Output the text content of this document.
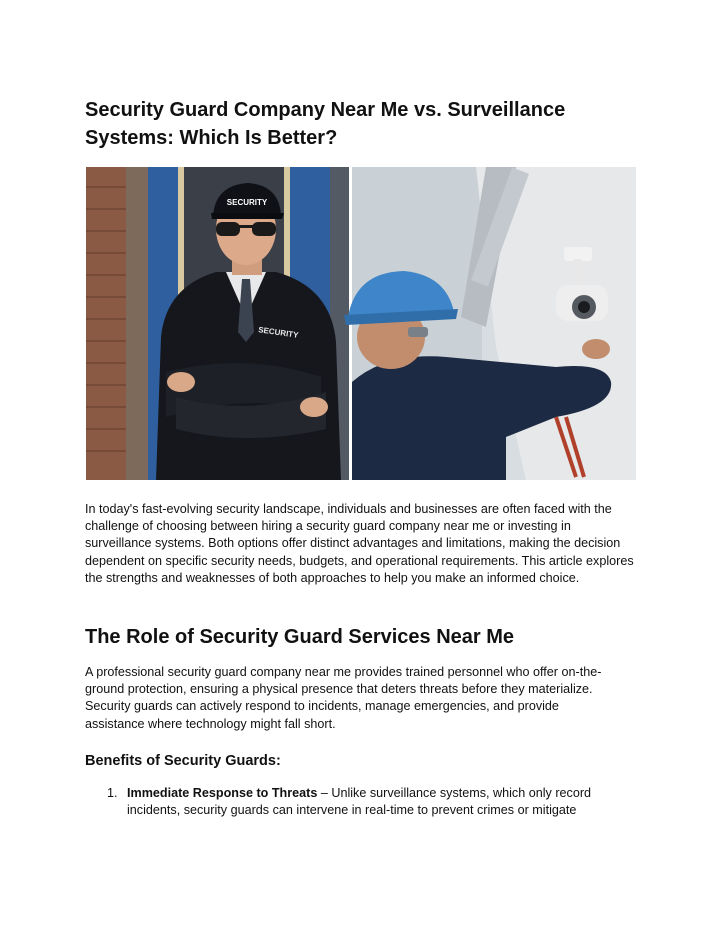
Security Guard Company Near Me vs. Surveillance Systems: Which Is Better?
SECURITY
SECURITY

In today's fast-evolving security landscape, individuals and businesses are often faced with the challenge of choosing between hiring a security guard company near me or investing in surveillance systems. Both options offer distinct advantages and limitations, making the decision dependent on specific security needs, budgets, and operational requirements. This article explores the strengths and weaknesses of both approaches to help you make an informed choice.

The Role of Security Guard Services Near Me

A professional security guard company near me provides trained personnel who offer on-the-ground protection, ensuring a physical presence that deters threats before they materialize. Security guards can actively respond to incidents, manage emergencies, and provide assistance where technology might fall short.

Benefits of Security Guards:
1. Immediate Response to Threats – Unlike surveillance systems, which only record incidents, security guards can intervene in real-time to prevent crimes or mitigate
